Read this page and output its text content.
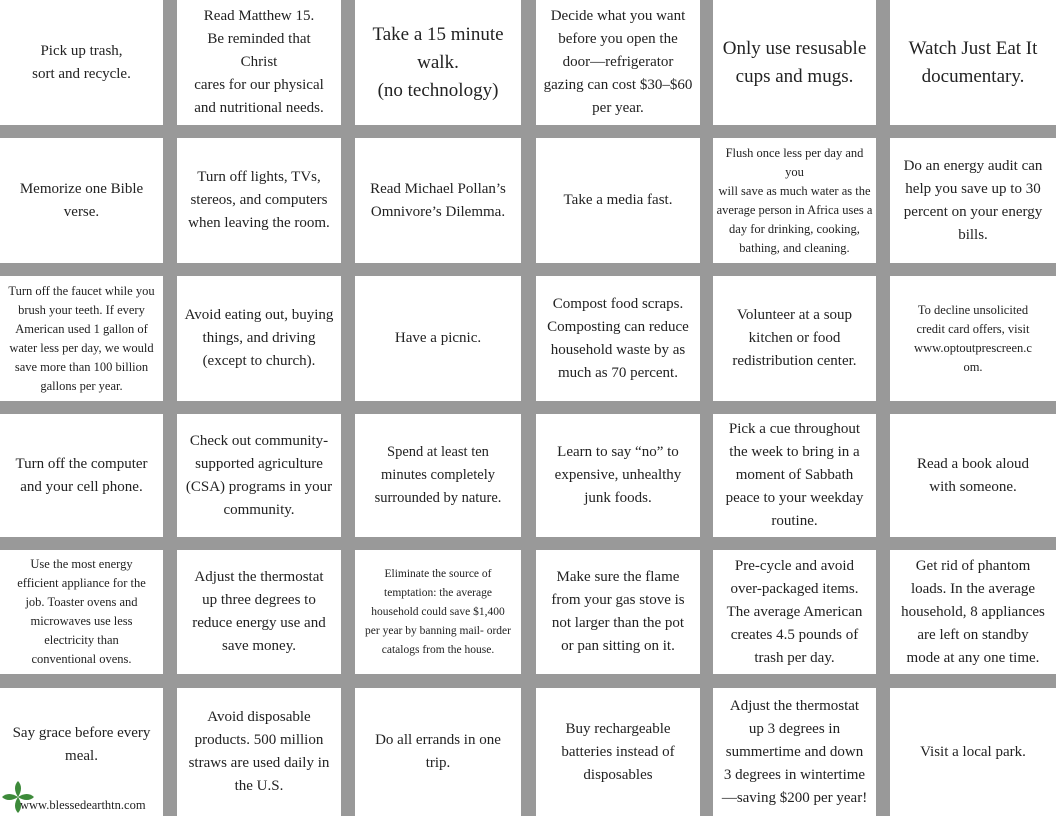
Pick up trash,
sort and recycle.
Read Matthew 15.
Be reminded that
Christ
cares for our physical
and nutritional needs.
Take a 15 minute
walk.
(no technology)
Decide what you want
before you open the
door—refrigerator
gazing can cost $30–$60
per year.
Only use resusable
cups and mugs.
Watch Just Eat It
documentary.
Memorize one Bible
verse.
Turn off lights, TVs,
stereos, and computers
when leaving the room.
Read Michael Pollan’s
Omnivore’s Dilemma.
Take a media fast.
Flush once less per day and you
will save as much water as the
average person in Africa uses a
day for drinking, cooking,
bathing, and cleaning.
Do an energy audit can
help you save up to 30
percent on your energy
bills.
Turn off the faucet while you
brush your teeth. If every
American used 1 gallon of
water less per day, we would
save more than 100 billion
gallons per year.
Avoid eating out, buying
things, and driving
(except to church).
Have a picnic.
Compost food scraps.
Composting can reduce
household waste by as
much as 70 percent.
Volunteer at a soup
kitchen or food
redistribution center.
To decline unsolicited
credit card offers, visit
www.optoutprescreen.c
om.
Turn off the computer
and your cell phone.
Check out community-
supported agriculture
(CSA) programs in your
community.
Spend at least ten
minutes completely
surrounded by nature.
Learn to say “no” to
expensive, unhealthy
junk foods.
Pick a cue throughout
the week to bring in a
moment of Sabbath
peace to your weekday
routine.
Read a book aloud
with someone.
Use the most energy
efficient appliance for the
job. Toaster ovens and
microwaves use less
electricity than
conventional ovens.
Adjust the thermostat
up three degrees to
reduce energy use and
save money.
Eliminate the source of
temptation: the average
household could save $1,400
per year by banning mail- order
catalogs from the house.
Make sure the flame
from your gas stove is
not larger than the pot
or pan sitting on it.
Pre-cycle and avoid
over-packaged items.
The average American
creates 4.5 pounds of
trash per day.
Get rid of phantom
loads. In the average
household, 8 appliances
are left on standby
mode at any one time.
Say grace before every
meal.
Avoid disposable
products. 500 million
straws are used daily in
the U.S.
Do all errands in one
trip.
Buy rechargeable
batteries instead of
disposables
Adjust the thermostat
up 3 degrees in
summertime and down
3 degrees in wintertime
—saving $200 per year!
Visit a local park.
www.blessedearthtn.com
